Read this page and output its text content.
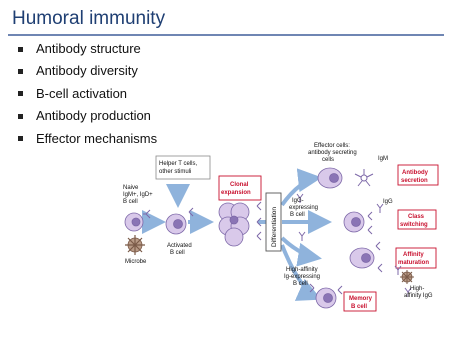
Humoral immunity
Antibody structure
Antibody diversity
B-cell activation
Antibody production
Effector mechanisms
Naive IgM+, IgD+ B cell
Microbe
Helper T cells, other stimuli
Activated B cell
Clonal expansion
Differentiation
Effector cells: antibody secreting cells	IgM
Antibody secretion
IgG- expressing B cell
IgG
Class switching
High-affinity Ig-expressing B cell
Affinity maturation
High- affinity IgG
Memory B cell
